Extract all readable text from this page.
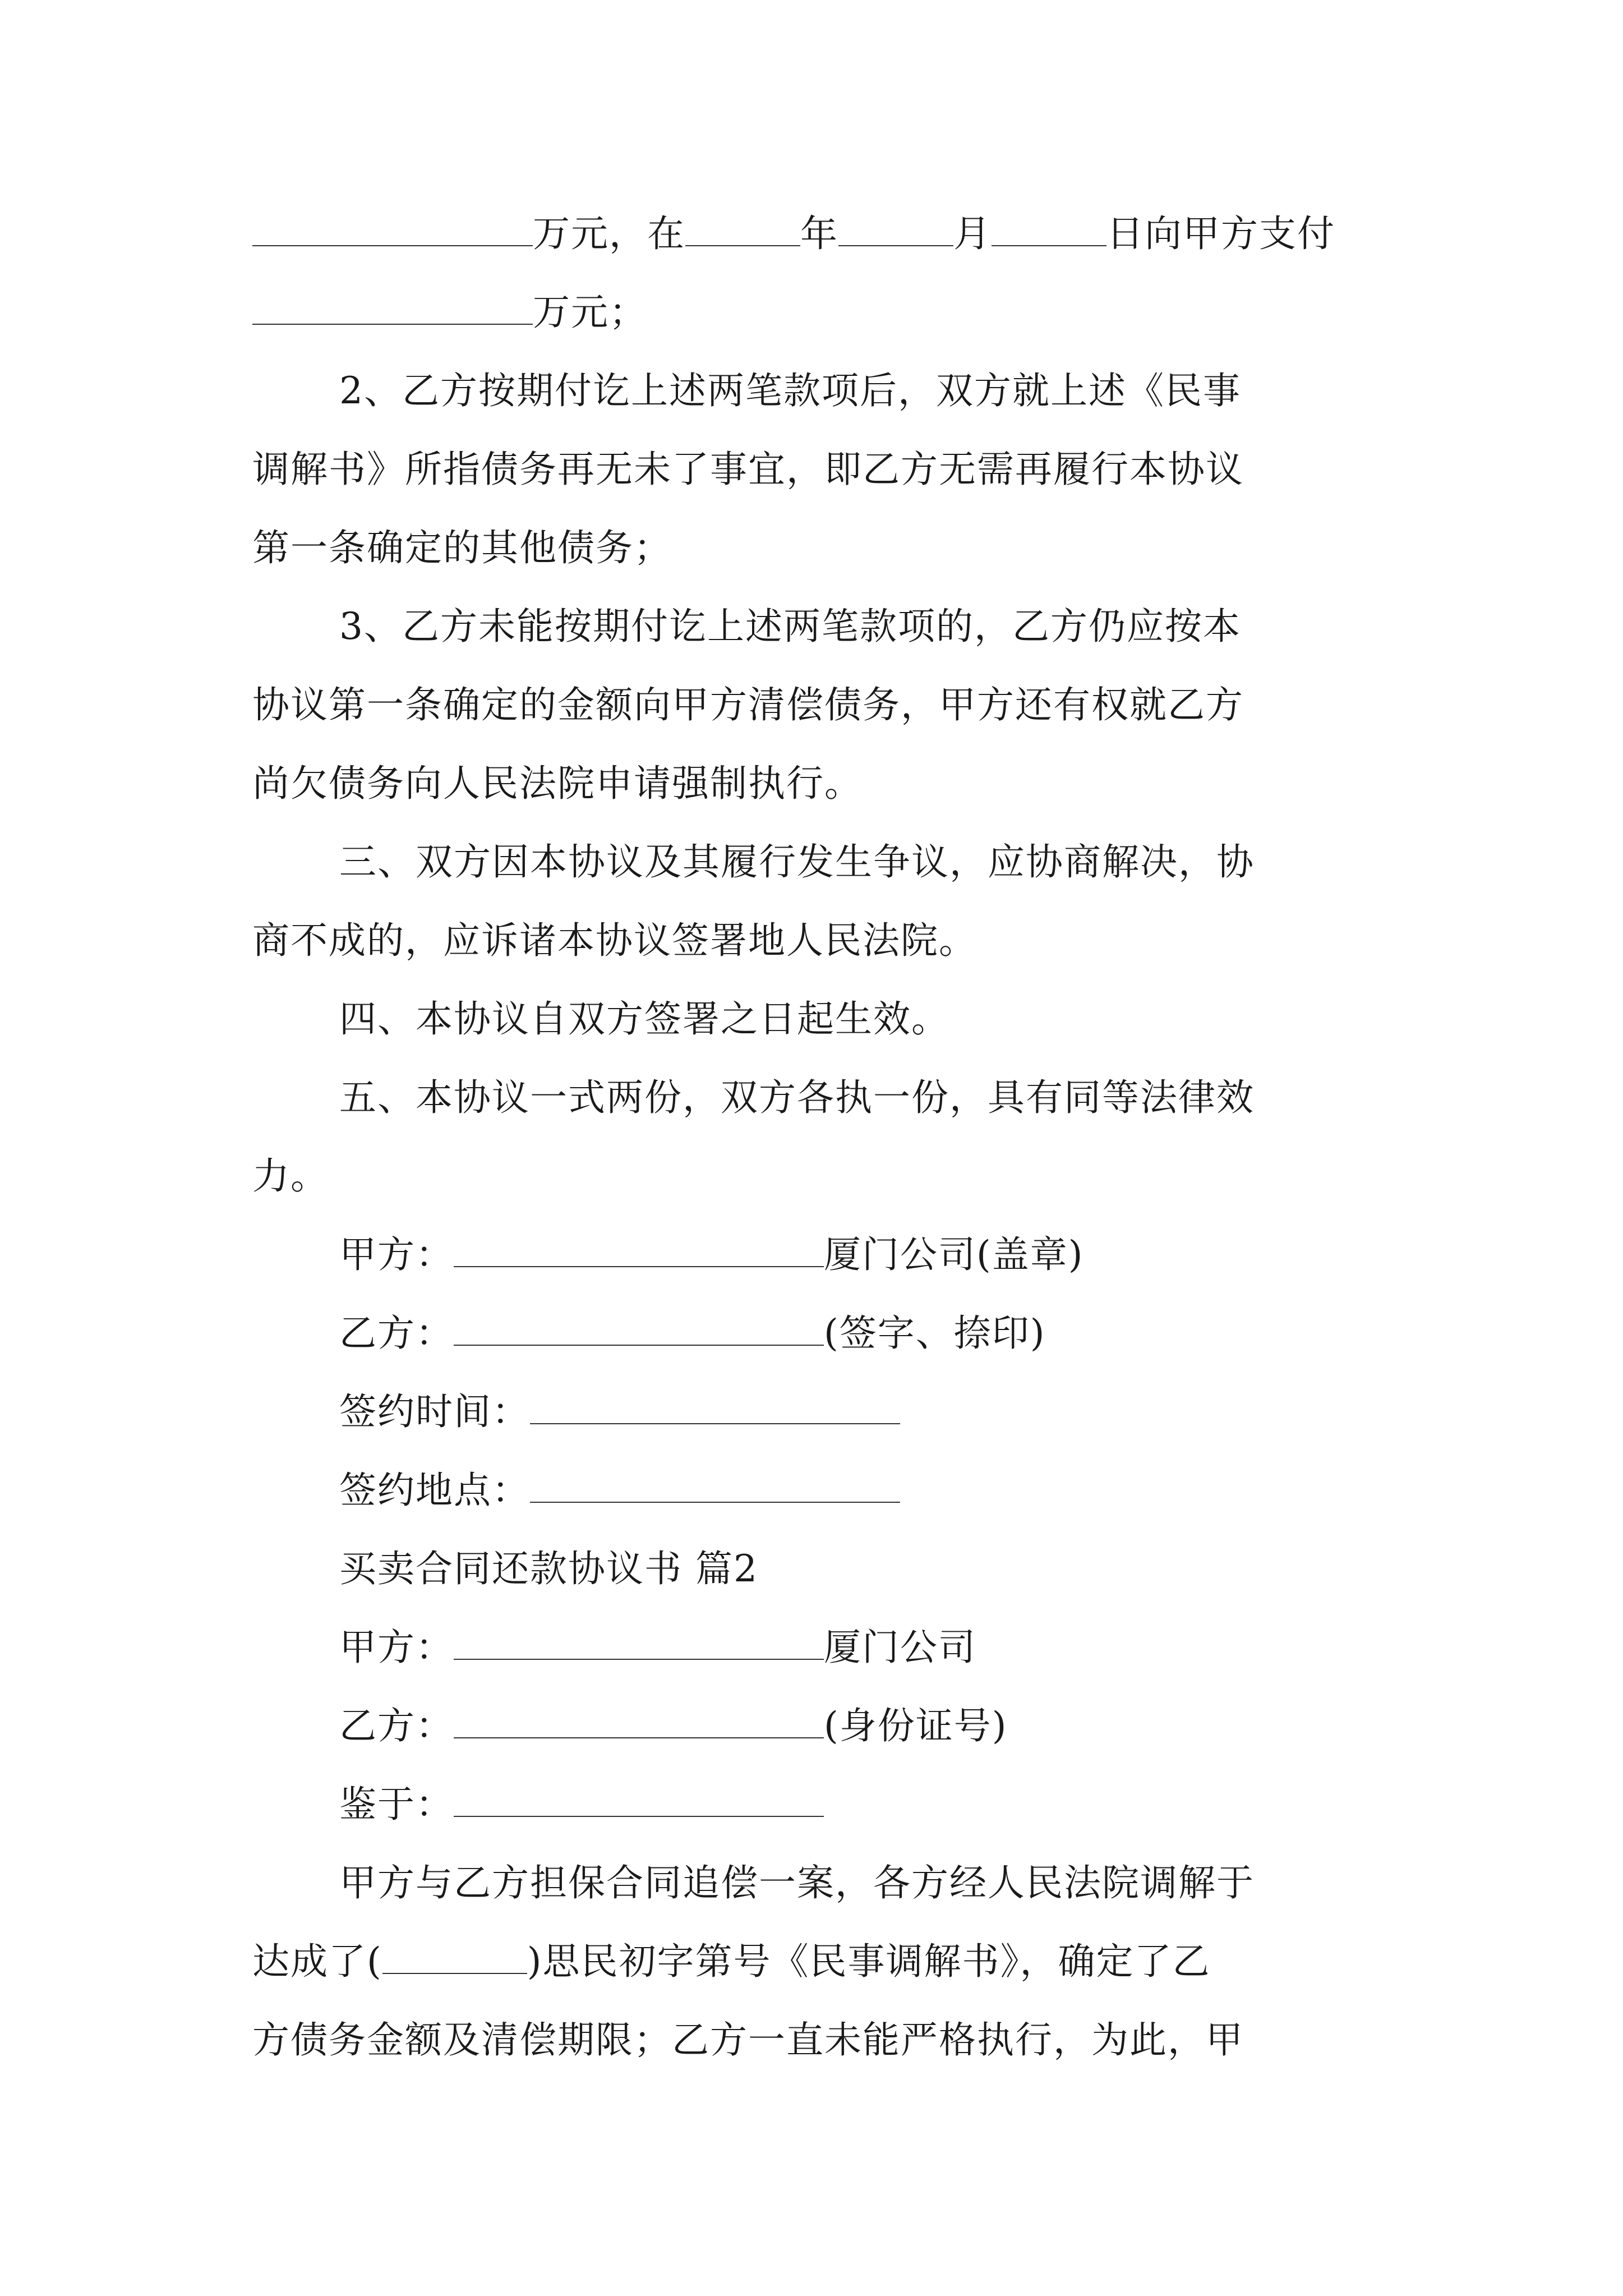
万元，在	年	月	日向甲方支付
万元；
2、乙方按期付讫上述两笔款项后，双方就上述《民事
调解书》所指债务再无未了事宜，即乙方无需再履行本协议
第一条确定的其他债务；
3、乙方未能按期付讫上述两笔款项的，乙方仍应按本
协议第一条确定的金额向甲方清偿债务，甲方还有权就乙方
尚欠债务向人民法院申请强制执行。
三、双方因本协议及其履行发生争议，应协商解决，协
商不成的，应诉诸本协议签署地人民法院。
四、本协议自双方签署之日起生效。
五、本协议一式两份，双方各执一份，具有同等法律效
力。
甲方：	厦门公司(盖章)
乙方：	(签字、捺印)
签约时间：
签约地点：
买卖合同还款协议书 篇2
甲方：	厦门公司
乙方：	(身份证号)
鉴于：
甲方与乙方担保合同追偿一案，各方经人民法院调解于
达成了(	)思民初字第号《民事调解书》，确定了乙
方债务金额及清偿期限；乙方一直未能严格执行，为此，甲
